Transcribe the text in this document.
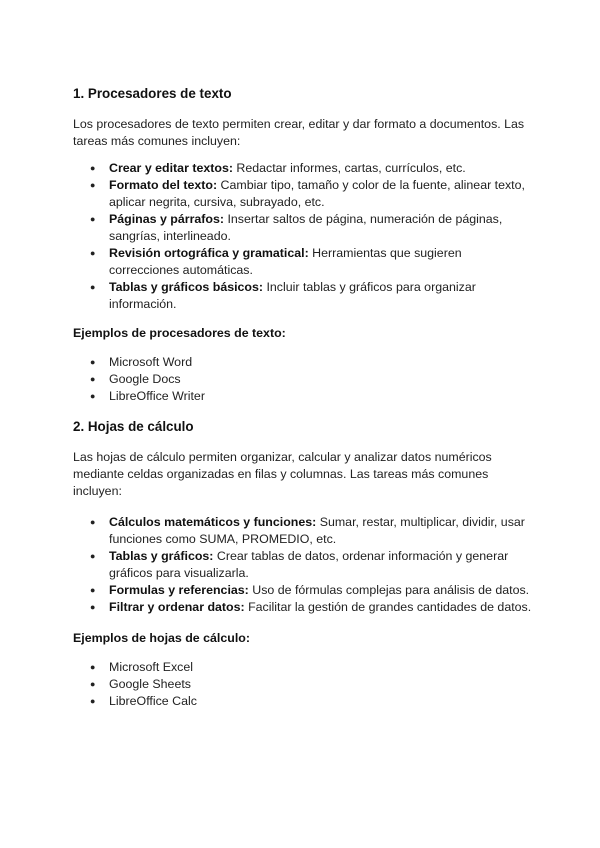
1. Procesadores de texto

Los procesadores de texto permiten crear, editar y dar formato a documentos. Las tareas más comunes incluyen:

● Crear y editar textos: Redactar informes, cartas, currículos, etc.
● Formato del texto: Cambiar tipo, tamaño y color de la fuente, alinear texto, aplicar negrita, cursiva, subrayado, etc.
● Páginas y párrafos: Insertar saltos de página, numeración de páginas, sangrías, interlineado.
● Revisión ortográfica y gramatical: Herramientas que sugieren correcciones automáticas.
● Tablas y gráficos básicos: Incluir tablas y gráficos para organizar información.

Ejemplos de procesadores de texto:

● Microsoft Word
● Google Docs
● LibreOffice Writer
2. Hojas de cálculo

Las hojas de cálculo permiten organizar, calcular y analizar datos numéricos mediante celdas organizadas en filas y columnas. Las tareas más comunes incluyen:

● Cálculos matemáticos y funciones: Sumar, restar, multiplicar, dividir, usar funciones como SUMA, PROMEDIO, etc.
● Tablas y gráficos: Crear tablas de datos, ordenar información y generar gráficos para visualizarla.
● Formulas y referencias: Uso de fórmulas complejas para análisis de datos.
● Filtrar y ordenar datos: Facilitar la gestión de grandes cantidades de datos.

Ejemplos de hojas de cálculo:

● Microsoft Excel
● Google Sheets
● LibreOffice Calc
